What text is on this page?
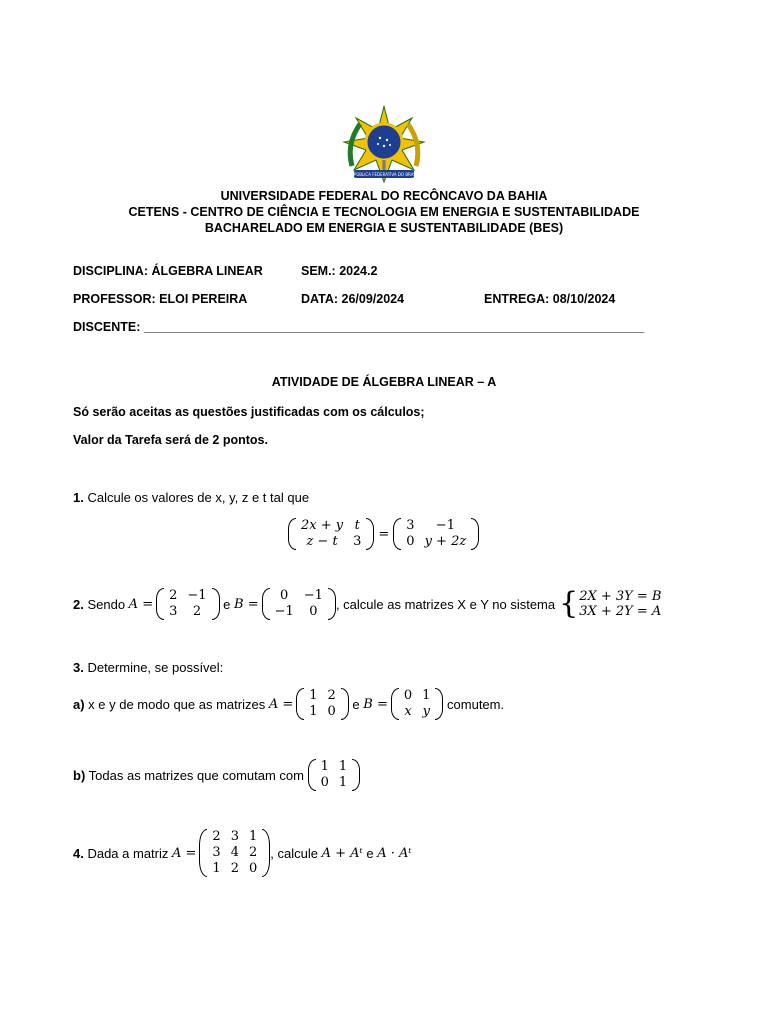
REPÚBLICA FEDERATIVA DO BRASIL
UNIVERSIDADE FEDERAL DO RECÔNCAVO DA BAHIA
CETENS - CENTRO DE CIÊNCIA E TECNOLOGIA EM ENERGIA E SUSTENTABILIDADE
BACHARELADO EM ENERGIA E SUSTENTABILIDADE (BES)
DISCIPLINA: ÁLGEBRA LINEAR	SEM.: 2024.2
PROFESSOR: ELOI PEREIRA	DATA: 26/09/2024	ENTREGA: 08/10/2024
DISCENTE: ________________________________________________________________________
ATIVIDADE DE ÁLGEBRA LINEAR – A
Só serão aceitas as questões justificadas com os cálculos;
Valor da Tarefa será de 2 pontos.
1. Calcule os valores de x, y, z e t tal que
2x + y	t
z − t	3 =
3	−1
0	y + 2z
2. Sendo A =
2	−1
3	2 e B =
0	−1
−1	0 , calcule as matrizes X e Y no sistema { 2X + 3Y = B
3X + 2Y = A
3. Determine, se possível:
a) x e y de modo que as matrizes A =
1	2
1	0 e B =
0	1
x	y comutem.
b) Todas as matrizes que comutam com
1	1
0	1
4. Dada a matriz A =
2	3	1
3	4	2
1	2	0
, calcule A + Aᵗ e A · Aᵗ
